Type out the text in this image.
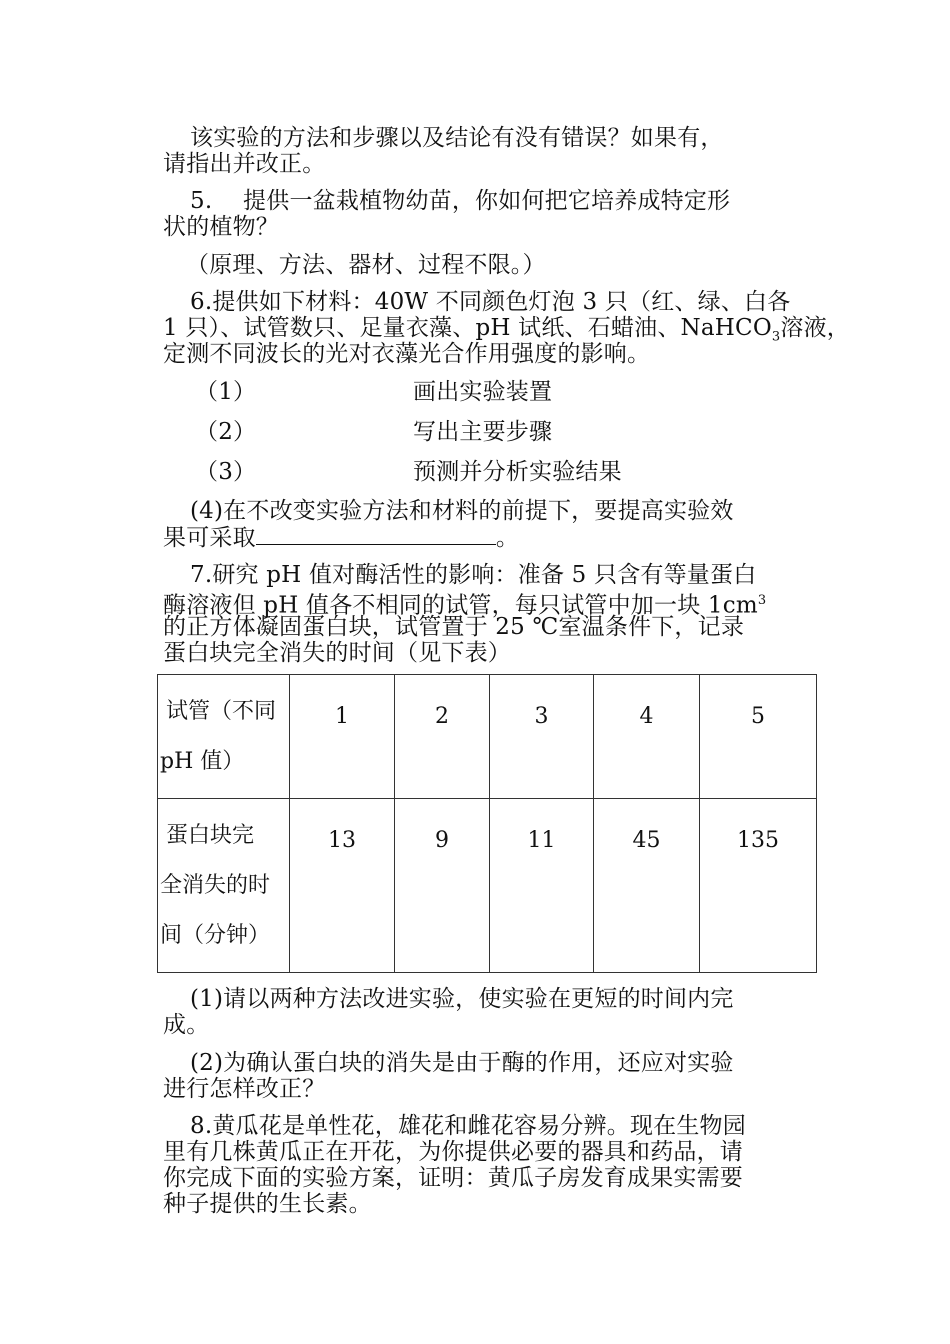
该实验的方法和步骤以及结论有没有错误？如果有，
请指出并改正。
5.　 提供一盆栽植物幼苗，你如何把它培养成特定形
状的植物？
（原理、方法、器材、过程不限。）
6.提供如下材料：40W 不同颜色灯泡 3 只（红、绿、白各
1 只）、试管数只、足量衣藻、pH 试纸、石蜡油、NaHCO$_3$溶液，
定测不同波长的光对衣藻光合作用强度的影响。
（1）	画出实验装置
（2）	写出主要步骤
（3）	预测并分析实验结果
(4)在不改变实验方法和材料的前提下，要提高实验效
果可采取	。
7.研究 pH 值对酶活性的影响：准备 5 只含有等量蛋白
酶溶液但 pH 值各不相同的试管，每只试管中加一块 $1cm^3$
的正方体凝固蛋白块，试管置于 25 ℃室温条件下，记录
蛋白块完全消失的时间（见下表）
试管（不同
pH 值）	1	2	3	4	5

蛋白块完
全消失的时
间（分钟）	13	9	11	45	135
(1)请以两种方法改进实验，使实验在更短的时间内完
成。
(2)为确认蛋白块的消失是由于酶的作用，还应对实验
进行怎样改正？
8.黄瓜花是单性花，雄花和雌花容易分辨。现在生物园
里有几株黄瓜正在开花，为你提供必要的器具和药品，请
你完成下面的实验方案，证明：黄瓜子房发育成果实需要
种子提供的生长素。
